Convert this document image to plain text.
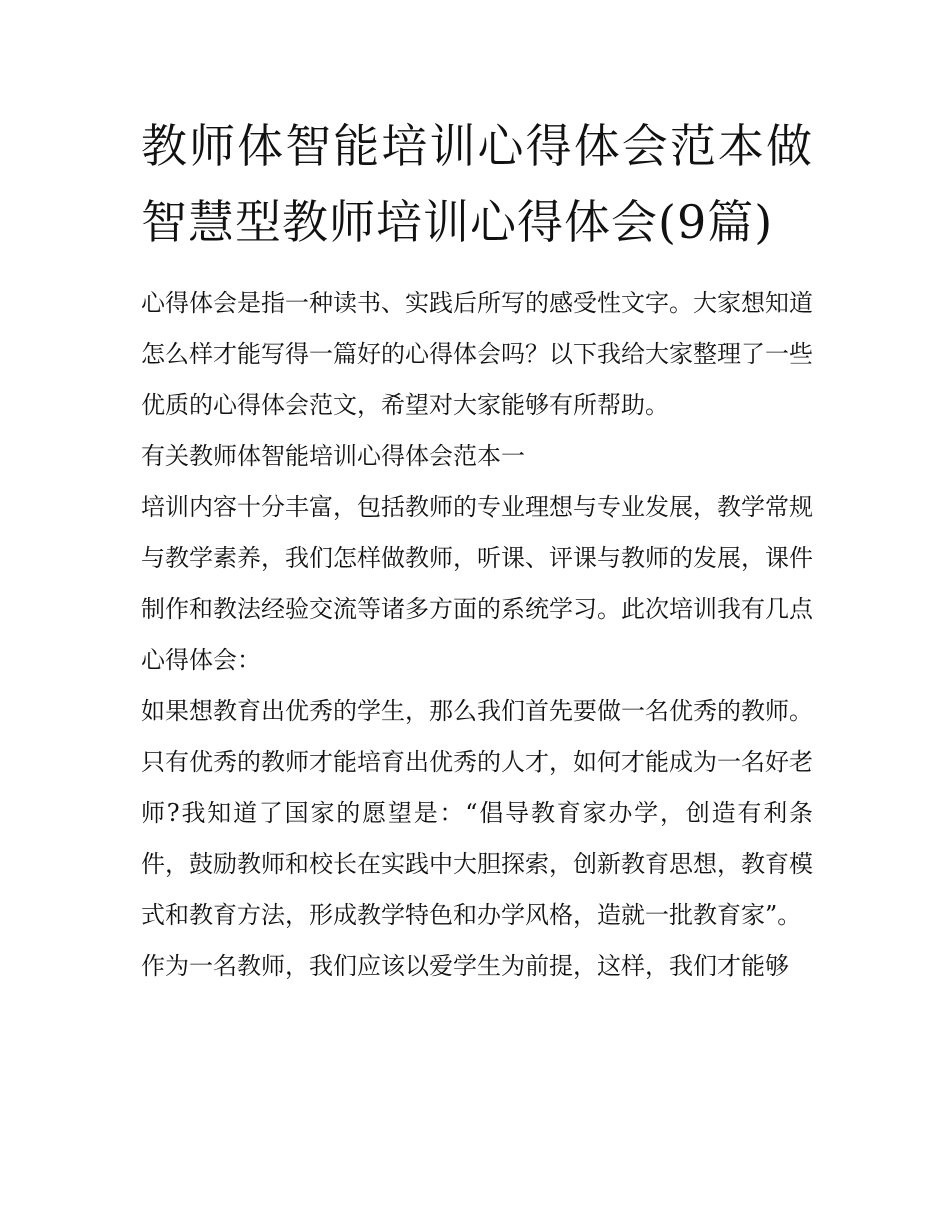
教师体智能培训心得体会范本做智慧型教师培训心得体会(9篇)

心得体会是指一种读书、实践后所写的感受性文字。大家想知道怎么样才能写得一篇好的心得体会吗？以下我给大家整理了一些优质的心得体会范文，希望对大家能够有所帮助。

有关教师体智能培训心得体会范本一

培训内容十分丰富，包括教师的专业理想与专业发展，教学常规与教学素养，我们怎样做教师，听课、评课与教师的发展，课件制作和教法经验交流等诸多方面的系统学习。此次培训我有几点心得体会：

如果想教育出优秀的学生，那么我们首先要做一名优秀的教师。只有优秀的教师才能培育出优秀的人才，如何才能成为一名好老师?我知道了国家的愿望是：“倡导教育家办学，创造有利条件，鼓励教师和校长在实践中大胆探索，创新教育思想，教育模式和教育方法，形成教学特色和办学风格，造就一批教育家”。

作为一名教师，我们应该以爱学生为前提，这样，我们才能够
